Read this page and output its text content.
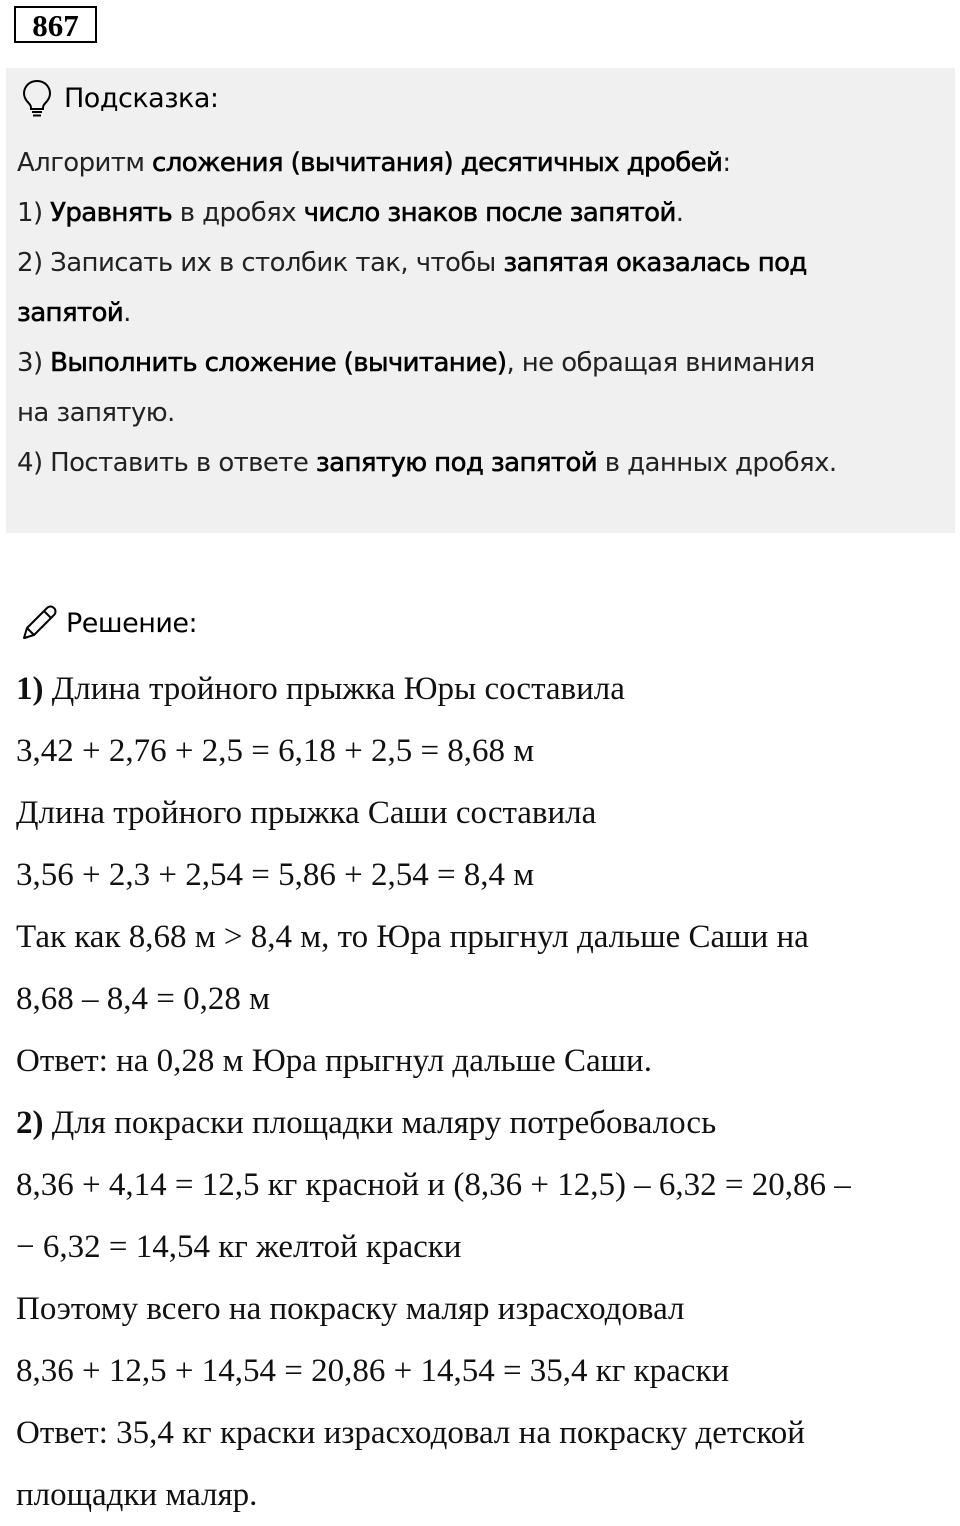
867
Подсказка:
Алгоритм сложения (вычитания) десятичных дробей:
1) Уравнять в дробях число знаков после запятой.
2) Записать их в столбик так, чтобы запятая оказалась под
запятой.
3) Выполнить сложение (вычитание), не обращая внимания
на запятую.
4) Поставить в ответе запятую под запятой в данных дробях.
Решение:
1) Длина тройного прыжка Юры составила
3,42 + 2,76 + 2,5 = 6,18 + 2,5 = 8,68 м
Длина тройного прыжка Саши составила
3,56 + 2,3 + 2,54 = 5,86 + 2,54 = 8,4 м
Так как 8,68 м > 8,4 м, то Юра прыгнул дальше Саши на
8,68 – 8,4 = 0,28 м
Ответ: на 0,28 м Юра прыгнул дальше Саши.
2) Для покраски площадки маляру потребовалось
8,36 + 4,14 = 12,5 кг красной и (8,36 + 12,5) – 6,32 = 20,86 –
− 6,32 = 14,54 кг желтой краски
Поэтому всего на покраску маляр израсходовал
8,36 + 12,5 + 14,54 = 20,86 + 14,54 = 35,4 кг краски
Ответ: 35,4 кг краски израсходовал на покраску детской
площадки маляр.
